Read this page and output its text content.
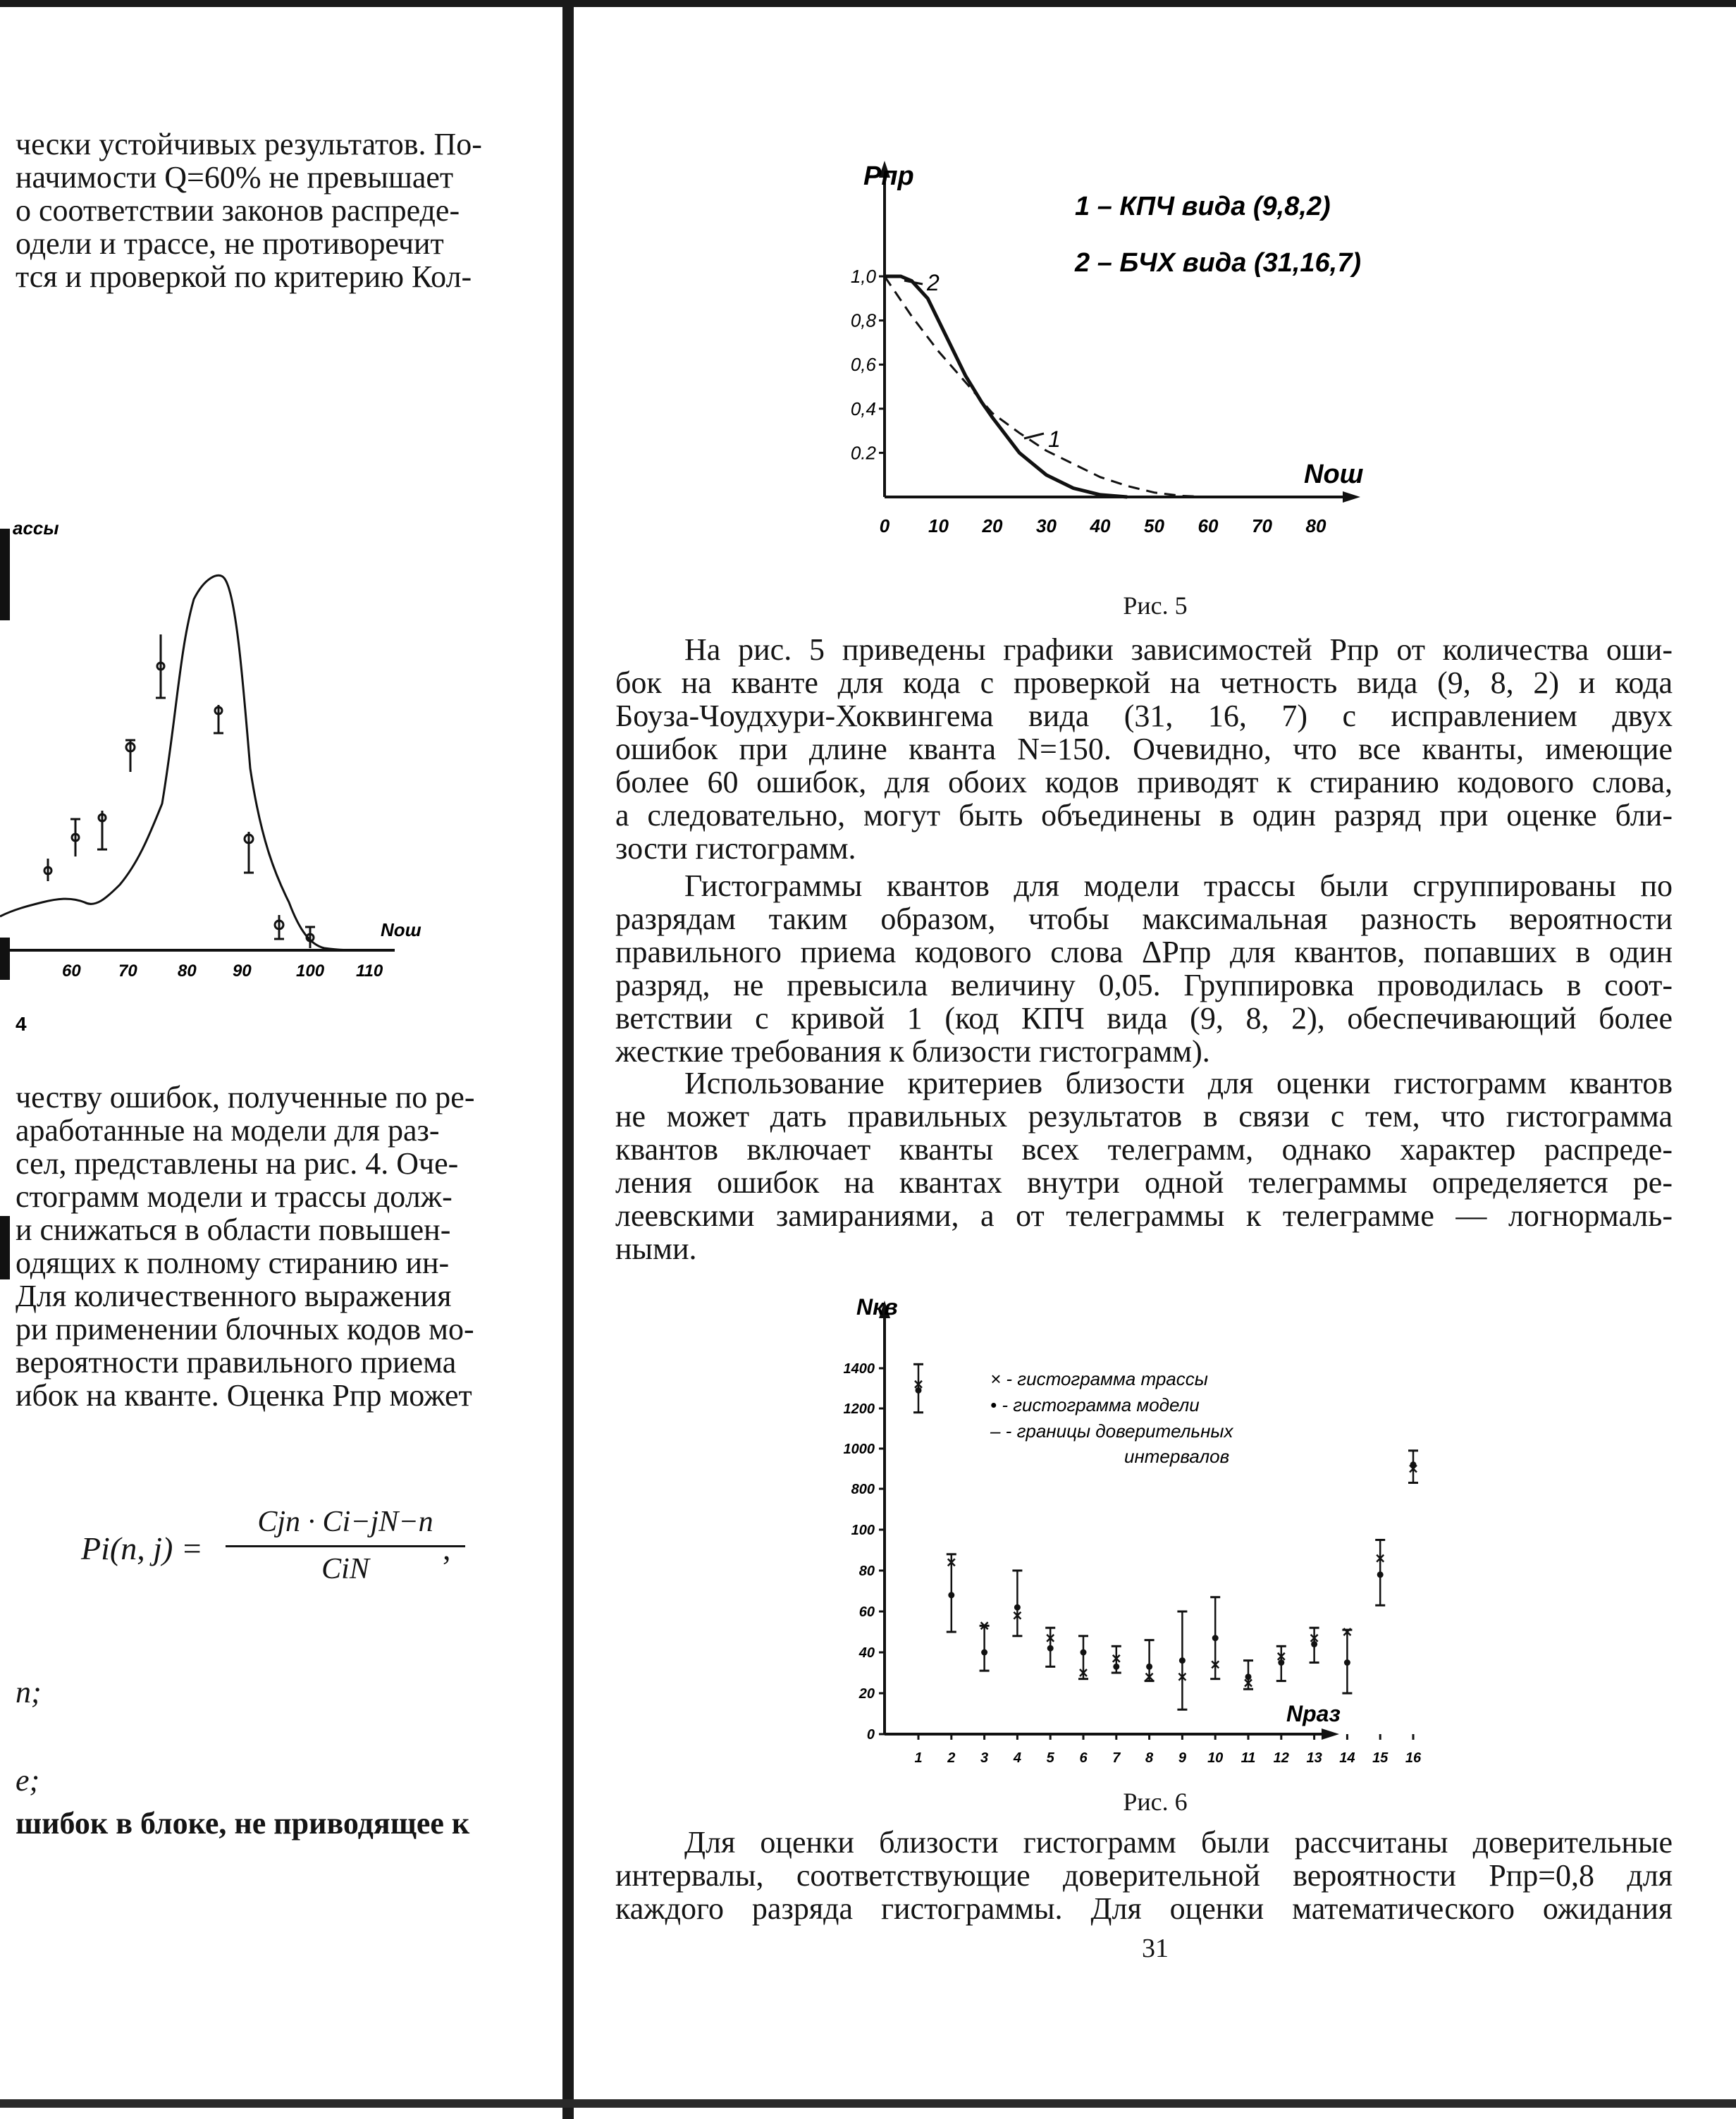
чески устойчивых результатов. По-
начимости Q=60% не превышает
о соответствии законов распреде-
одели и трассе, не противоречит
тся и проверкой по критерию Кол-
ассы
Nош
60 70 80 90	100 110
4
честву ошибок, полученные по ре-
аработанные на модели для раз-
сел, представлены на рис. 4. Оче-
стограмм модели и трассы долж-
и снижаться в области повышен-
одящих к полному стиранию ин-
Для количественного выражения
ри применении блочных кодов мо-
вероятности правильного приема
ибок на кванте. Оценка Pпр может
Pi(n, j) =
Cjn · Ci−jN−n
CiN
,
n;
e;
шибок в блоке, не приводящее к
Pпр
Nош
1,0
0,8
0,6
0,4
0.2
0 10 20 30 40 50 60 70 80
2
1
1 – КПЧ вида (9,8,2)
2 – БЧХ вида (31,16,7)
Рис. 5
На рис. 5 приведены графики зависимостей Pпр от количества оши-
бок на кванте для кода с проверкой на четность вида (9, 8, 2) и кода
Боуза-Чоудхури-Хоквингема вида (31, 16, 7) с исправлением двух
ошибок при длине кванта N=150. Очевидно, что все кванты, имеющие
более 60 ошибок, для обоих кодов приводят к стиранию кодового слова,
а следовательно, могут быть объединены в один разряд при оценке бли-
зости гистограмм.
Гистограммы квантов для модели трассы были сгруппированы по
разрядам таким образом, чтобы максимальная разность вероятности
правильного приема кодового слова ΔPпр для квантов, попавших в один
разряд, не превысила величину 0,05. Группировка проводилась в соот-
ветствии с кривой 1 (код КПЧ вида (9, 8, 2), обеспечивающий более
жесткие требования к близости гистограмм).
Использование критериев близости для оценки гистограмм квантов
не может дать правильных результатов в связи с тем, что гистограмма
квантов включает кванты всех телеграмм, однако характер распреде-
ления ошибок на квантах внутри одной телеграммы определяется ре-
леевскими замираниями, а от телеграммы к телеграмме — логнормаль-
ными.
Nкв
Nраз
0
20
40
60
80
100
800
1000
1200
1400
1 2 3 4 5 6 7 8 9 10 11 12 13 14 15 16
× - гистограмма трассы
• - гистограмма модели
– - границы доверительных
интервалов
Рис. 6
Для оценки близости гистограмм были рассчитаны доверительные
интервалы, соответствующие доверительной вероятности Pпр=0,8 для
каждого разряда гистограммы. Для оценки математического ожидания
31
